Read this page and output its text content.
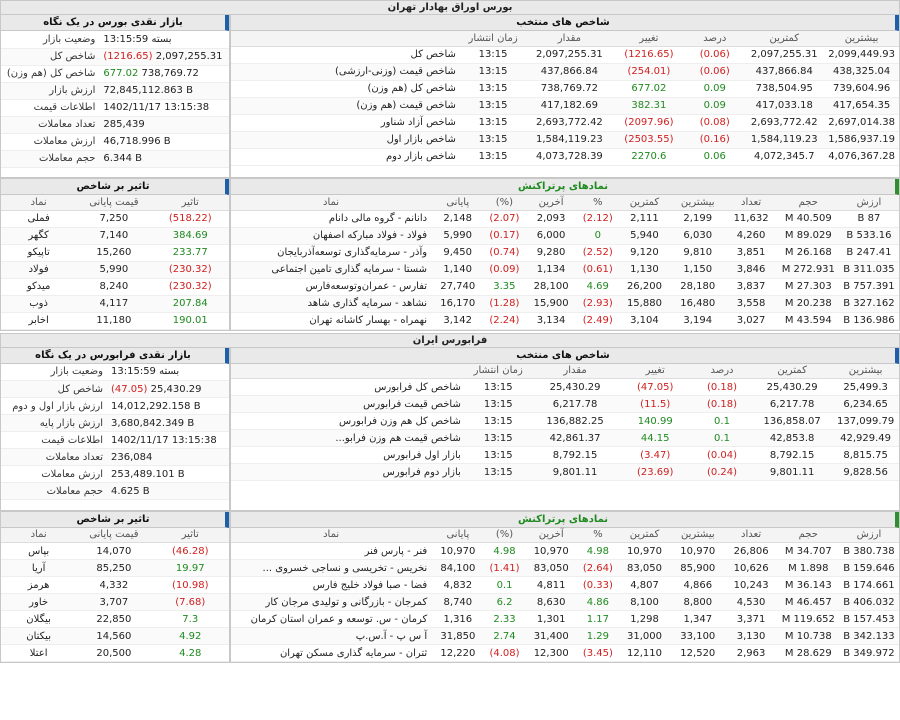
بورس اوراق بهادار تهران
شاخص های منتخب
بیشترین	کمترین	درصد	تغییر	مقدار	زمان انتشار	
2,099,449.93	2,097,255.31	(0.06)	(1216.65)	2,097,255.31	13:15	شاخص کل
438,325.04	437,866.84	(0.06)	(254.01)	437,866.84	13:15	شاخص قیمت (وزنی-ارزشی)
739,604.96	738,504.95	0.09	677.02	738,769.72	13:15	شاخص کل (هم وزن)
417,654.35	417,033.18	0.09	382.31	417,182.69	13:15	شاخص قیمت (هم وزن)
2,697,014.38	2,693,772.42	(0.08)	(2097.96)	2,693,772.42	13:15	شاخص آزاد شناور
1,586,937.19	1,584,119.23	(0.16)	(2503.55)	1,584,119.23	13:15	شاخص بازار اول
4,076,367.28	4,072,345.7	0.06	2270.6	4,073,728.39	13:15	شاخص بازار دوم
بازار نقدی بورس در یک نگاه
بسته 13:15:59	وضعیت بازار
(1216.65) 2,097,255.31	شاخص کل
677.02 738,769.72	شاخص کل (هم وزن)
72,845,112.863 B	ارزش بازار
1402/11/17 13:15:38	اطلاعات قیمت
285,439	تعداد معاملات
46,718.996 B	ارزش معاملات
6.344 B	حجم معاملات
نمادهای پرتراکنش
ارزش	حجم	تعداد	بیشترین	کمترین	%	آخرین	(%)	پایانی	نماد
87 B	40.509 M	11,632	2,199	2,111	(2.12)	2,093	(2.07)	2,148	دانانم - گروه مالی دانام
533.16 B	89.029 M	4,260	6,030	5,940	0	6,000	(0.17)	5,990	فولاد - فولاد مبارکه اصفهان
247.41 B	26.168 M	3,851	9,810	9,120	(2.52)	9,280	(0.74)	9,450	وآذر - سرمایه‌گذاری توسعه‌آذربایجان
311.035 B	272.931 M	3,846	1,150	1,130	(0.61)	1,134	(0.09)	1,140	شستا - سرمایه گذاری تامین اجتماعی
757.391 B	27.303 M	3,837	28,180	26,200	4.69	28,100	3.35	27,740	تفارس - عمران‌وتوسعه‌فارس
327.162 B	20.238 M	3,558	16,480	15,880	(2.93)	15,900	(1.28)	16,170	نشاهد - سرمایه گذاری شاهد
136.986 B	43.594 M	3,027	3,194	3,104	(2.49)	3,134	(2.24)	3,142	نهمراه - بهسار کاشانه تهران
تاثیر بر شاخص
تاثیر	قیمت پایانی	نماد
(518.22)	7,250	فملی
384.69	7,140	کگهر
233.77	15,260	تاپیکو
(230.32)	5,990	فولاد
(230.32)	8,240	میدکو
207.84	4,117	ذوب
190.01	11,180	اخابر
فرابورس ایران
شاخص های منتخب
بیشترین	کمترین	درصد	تغییر	مقدار	زمان انتشار	
25,499.3	25,430.29	(0.18)	(47.05)	25,430.29	13:15	شاخص کل فرابورس
6,234.65	6,217.78	(0.18)	(11.5)	6,217.78	13:15	شاخص قیمت فرابورس
137,099.79	136,858.07	0.1	140.99	136,882.25	13:15	شاخص کل هم وزن فرابورس
42,929.49	42,853.8	0.1	44.15	42,861.37	13:15	شاخص قیمت هم وزن فرابو...
8,815.75	8,792.15	(0.04)	(3.47)	8,792.15	13:15	بازار اول فرابورس
9,828.56	9,801.11	(0.24)	(23.69)	9,801.11	13:15	بازار دوم فرابورس
بازار نقدی فرابورس در یک نگاه
بسته 13:15:59	وضعیت بازار
(47.05) 25,430.29	شاخص کل
14,012,292.158 B	ارزش بازار اول و دوم
3,680,842.349 B	ارزش بازار پایه
1402/11/17 13:15:38	اطلاعات قیمت
236,084	تعداد معاملات
253,489.101 B	ارزش معاملات
4.625 B	حجم معاملات
نمادهای پرتراکنش
ارزش	حجم	تعداد	بیشترین	کمترین	%	آخرین	(%)	پایانی	نماد
380.738 B	34.707 M	26,806	10,970	10,970	4.98	10,970	4.98	10,970	فنر - پارس فنر
159.646 B	1.898 M	10,626	85,900	83,050	(2.64)	83,050	(1.41)	84,100	نخریس - تخریسی و نساجی خسروی ...
174.661 B	36.143 M	10,243	4,866	4,807	(0.33)	4,811	0.1	4,832	فضا - صبا فولاد خلیج فارس
406.032 B	46.457 M	4,530	8,800	8,100	4.86	8,630	6.2	8,740	کمرجان - بازرگانی و تولیدی مرجان کار
157.453 B	119.652 M	3,371	1,347	1,298	1.17	1,301	2.33	1,316	کرمان - س. توسعه و عمران استان کرمان
342.133 B	10.738 M	3,130	33,100	31,000	1.29	31,400	2.74	31,850	آ س پ - آ.س.پ
349.972 B	28.629 M	2,963	12,520	12,110	(3.45)	12,300	(4.08)	12,220	ثتران - سرمایه گذاری مسکن تهران
تاثیر بر شاخص
تاثیر	قیمت پایانی	نماد
(46.28)	14,070	بپاس
19.97	85,250	آریا
(10.98)	4,332	هرمز
(7.68)	3,707	خاور
7.3	22,850	بیگلان
4.92	14,560	بیکتان
4.28	20,500	اعتلا
